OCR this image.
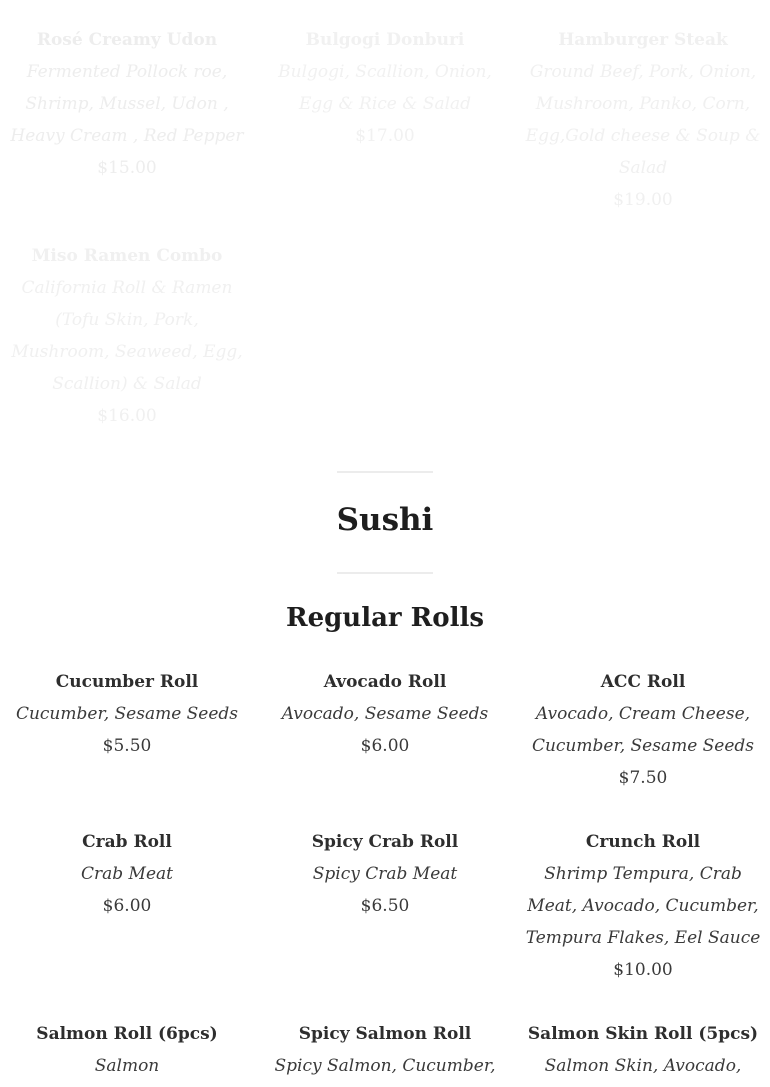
Rosé Creamy Udon
Fermented Pollock roe, Shrimp, Mussel, Udon , Heavy Cream , Red Pepper
$15.00
Bulgogi Donburi
Bulgogi, Scallion, Onion, Egg & Rice & Salad
$17.00
Hamburger Steak
Ground Beef, Pork, Onion, Mushroom, Panko, Corn, Egg,Gold cheese & Soup & Salad
$19.00
Miso Ramen Combo
California Roll & Ramen (Tofu Skin, Pork, Mushroom, Seaweed, Egg, Scallion) & Salad
$16.00
Sushi
Regular Rolls
Cucumber Roll
Cucumber, Sesame Seeds
$5.50
Avocado Roll
Avocado, Sesame Seeds
$6.00
ACC Roll
Avocado, Cream Cheese, Cucumber, Sesame Seeds
$7.50
Crab Roll
Crab Meat
$6.00
Spicy Crab Roll
Spicy Crab Meat
$6.50
Crunch Roll
Shrimp Tempura, Crab Meat, Avocado, Cucumber, Tempura Flakes, Eel Sauce
$10.00
Salmon Roll (6pcs)
Salmon
Spicy Salmon Roll
Spicy Salmon, Cucumber,
Salmon Skin Roll (5pcs)
Salmon Skin, Avocado,
